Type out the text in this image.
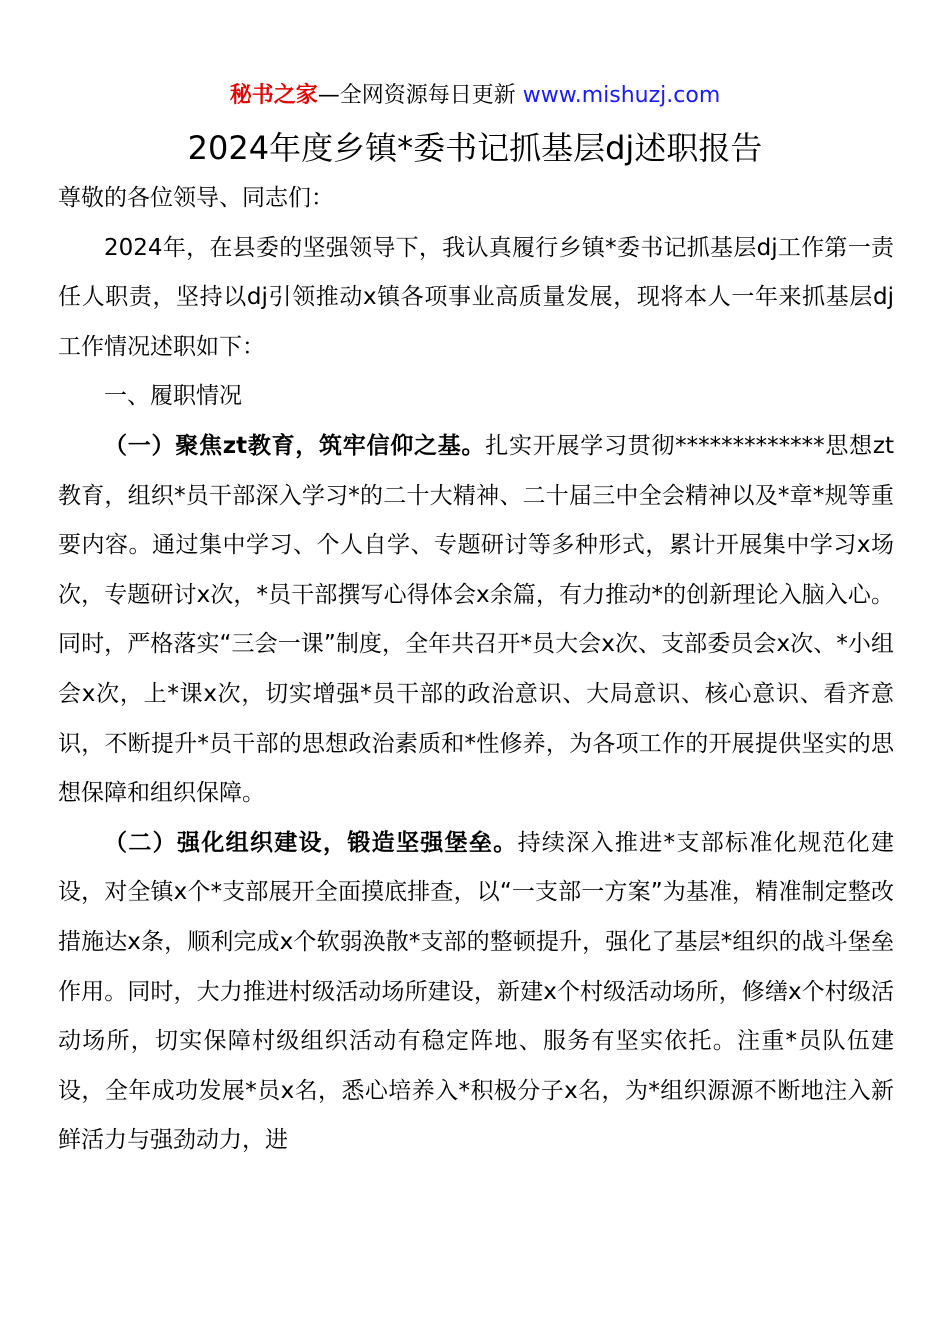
秘书之家—全网资源每日更新 www.mishuzj.com
2024年度乡镇*委书记抓基层dj述职报告

尊敬的各位领导、同志们：

2024年，在县委的坚强领导下，我认真履行乡镇*委书记抓基层dj工作第一责任人职责，坚持以dj引领推动x镇各项事业高质量发展，现将本人一年来抓基层dj工作情况述职如下：

一、履职情况

（一）聚焦zt教育，筑牢信仰之基。扎实开展学习贯彻*************思想zt教育，组织*员干部深入学习*的二十大精神、二十届三中全会精神以及*章*规等重要内容。通过集中学习、个人自学、专题研讨等多种形式，累计开展集中学习x场次，专题研讨x次，*员干部撰写心得体会x余篇，有力推动*的创新理论入脑入心。同时，严格落实“三会一课”制度，全年共召开*员大会x次、支部委员会x次、*小组会x次，上*课x次，切实增强*员干部的政治意识、大局意识、核心意识、看齐意识，不断提升*员干部的思想政治素质和*性修养，为各项工作的开展提供坚实的思想保障和组织保障。

（二）强化组织建设，锻造坚强堡垒。持续深入推进*支部标准化规范化建设，对全镇x个*支部展开全面摸底排查，以“一支部一方案”为基准，精准制定整改措施达x条，顺利完成x个软弱涣散*支部的整顿提升，强化了基层*组织的战斗堡垒作用。同时，大力推进村级活动场所建设，新建x个村级活动场所，修缮x个村级活动场所，切实保障村级组织活动有稳定阵地、服务有坚实依托。注重*员队伍建设，全年成功发展*员x名，悉心培养入*积极分子x名，为*组织源源不断地注入新鲜活力与强劲动力，进
